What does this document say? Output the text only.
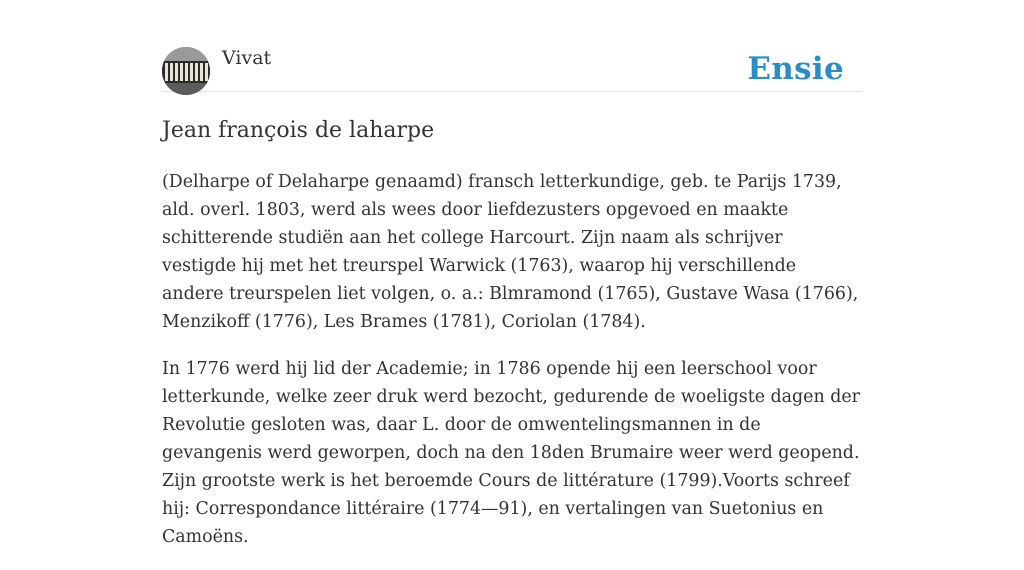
Vivat	Ensie
Jean françois de laharpe

(Delharpe of Delaharpe genaamd) fransch letterkundige, geb. te Parijs 1739, ald. overl. 1803, werd als wees door liefdezusters opgevoed en maakte schitterende studiën aan het college Harcourt. Zijn naam als schrijver vestigde hij met het treurspel Warwick (1763), waarop hij verschillende andere treurspelen liet volgen, o. a.: Blmramond (1765), Gustave Wasa (1766), Menzikoff (1776), Les Brames (1781), Coriolan (1784).

In 1776 werd hij lid der Academie; in 1786 opende hij een leerschool voor letterkunde, welke zeer druk werd bezocht, gedurende de woeligste dagen der Revolutie gesloten was, daar L. door de omwentelingsmannen in de gevangenis werd geworpen, doch na den 18den Brumaire weer werd geopend. Zijn grootste werk is het beroemde Cours de littérature (1799).Voorts schreef hij: Correspondance littéraire (1774—91), en vertalingen van Suetonius en Camoëns.
